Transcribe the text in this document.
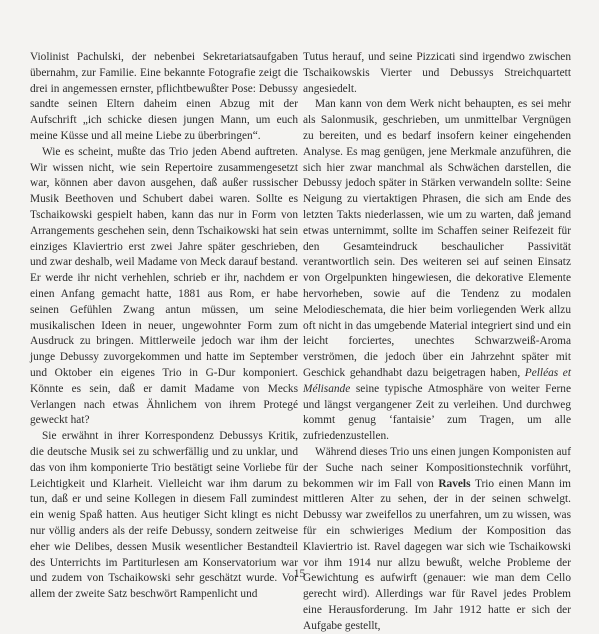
Violinist Pachulski, der nebenbei Sekretariatsaufgaben übernahm, zur Familie. Eine bekannte Fotografie zeigt die drei in angemessen ernster, pflichtbewußter Pose: Debussy sandte seinen Eltern daheim einen Abzug mit der Aufschrift „ich schicke diesen jungen Mann, um euch meine Küsse und all meine Liebe zu überbringen“.

Wie es scheint, mußte das Trio jeden Abend auftreten. Wir wissen nicht, wie sein Repertoire zusammengesetzt war, können aber davon ausgehen, daß außer russischer Musik Beethoven und Schubert dabei waren. Sollte es Tschaikowski gespielt haben, kann das nur in Form von Arrangements geschehen sein, denn Tschaikowski hat sein einziges Klaviertrio erst zwei Jahre später geschrieben, und zwar deshalb, weil Madame von Meck darauf bestand. Er werde ihr nicht verhehlen, schrieb er ihr, nachdem er einen Anfang gemacht hatte, 1881 aus Rom, er habe seinen Gefühlen Zwang antun müssen, um seine musikalischen Ideen in neuer, ungewohnter Form zum Ausdruck zu bringen. Mittlerweile jedoch war ihm der junge Debussy zuvorgekommen und hatte im September und Oktober ein eigenes Trio in G-Dur komponiert. Könnte es sein, daß er damit Madame von Mecks Verlangen nach etwas Ähnlichem von ihrem Protegé geweckt hat?

Sie erwähnt in ihrer Korrespondenz Debussys Kritik, die deutsche Musik sei zu schwerfällig und zu unklar, und das von ihm komponierte Trio bestätigt seine Vorliebe für Leichtigkeit und Klarheit. Vielleicht war ihm darum zu tun, daß er und seine Kollegen in diesem Fall zumindest ein wenig Spaß hatten. Aus heutiger Sicht klingt es nicht nur völlig anders als der reife Debussy, sondern zeitweise eher wie Delibes, dessen Musik wesentlicher Bestandteil des Unterrichts im Partiturlesen am Konservatorium war und zudem von Tschaikowski sehr geschätzt wurde. Vor allem der zweite Satz beschwört Rampenlicht und

Tutus herauf, und seine Pizzicati sind irgendwo zwischen Tschaikowskis Vierter und Debussys Streichquartett angesiedelt.

Man kann von dem Werk nicht behaupten, es sei mehr als Salonmusik, geschrieben, um unmittelbar Vergnügen zu bereiten, und es bedarf insofern keiner eingehenden Analyse. Es mag genügen, jene Merkmale anzuführen, die sich hier zwar manchmal als Schwächen darstellen, die Debussy jedoch später in Stärken verwandeln sollte: Seine Neigung zu viertaktigen Phrasen, die sich am Ende des letzten Takts niederlassen, wie um zu warten, daß jemand etwas unternimmt, sollte im Schaffen seiner Reifezeit für den Gesamteindruck beschaulicher Passivität verantwortlich sein. Des weiteren sei auf seinen Einsatz von Orgelpunkten hingewiesen, die dekorative Elemente hervorheben, sowie auf die Tendenz zu modalen Melodieschemata, die hier beim vorliegenden Werk allzu oft nicht in das umgebende Material integriert sind und ein leicht forciertes, unechtes Schwarzweiß-Aroma verströmen, die jedoch über ein Jahrzehnt später mit Geschick gehandhabt dazu beigetragen haben, Pelléas et Mélisande seine typische Atmosphäre von weiter Ferne und längst vergangener Zeit zu verleihen. Und durchweg kommt genug ‘fantaisie’ zum Tragen, um alle zufriedenzustellen.

Während dieses Trio uns einen jungen Komponisten auf der Suche nach seiner Kompositionstechnik vorführt, bekommen wir im Fall von Ravels Trio einen Mann im mittleren Alter zu sehen, der in der seinen schwelgt. Debussy war zweifellos zu unerfahren, um zu wissen, was für ein schwieriges Medium der Komposition das Klaviertrio ist. Ravel dagegen war sich wie Tschaikowski vor ihm 1914 nur allzu bewußt, welche Probleme der Gewichtung es aufwirft (genauer: wie man dem Cello gerecht wird). Allerdings war für Ravel jedes Problem eine Herausforderung. Im Jahr 1912 hatte er sich der Aufgabe gestellt,

15
